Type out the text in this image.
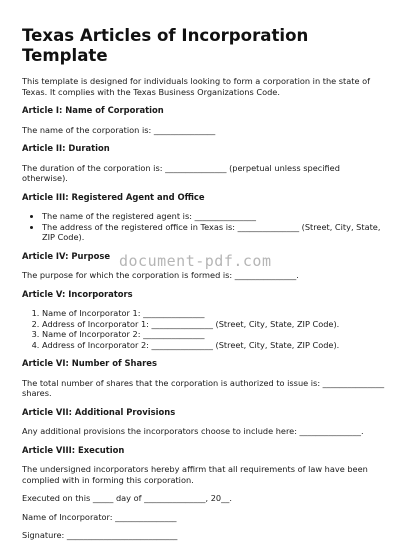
Texas Articles of Incorporation Template

This template is designed for individuals looking to form a corporation in the state of Texas. It complies with the Texas Business Organizations Code.

Article I: Name of Corporation

The name of the corporation is: _______________

Article II: Duration

The duration of the corporation is: _______________ (perpetual unless specified otherwise).

Article III: Registered Agent and Office
• The name of the registered agent is: _______________
• The address of the registered office in Texas is: _______________ (Street, City, State, ZIP Code).
Article IV: Purpose

The purpose for which the corporation is formed is: _______________.

Article V: Incorporators
1. Name of Incorporator 1: _______________
2. Address of Incorporator 1: _______________ (Street, City, State, ZIP Code).
3. Name of Incorporator 2: _______________
4. Address of Incorporator 2: _______________ (Street, City, State, ZIP Code).
Article VI: Number of Shares

The total number of shares that the corporation is authorized to issue is: _______________ shares.

Article VII: Additional Provisions

Any additional provisions the incorporators choose to include here: _______________.

Article VIII: Execution

The undersigned incorporators hereby affirm that all requirements of law have been complied with in forming this corporation.

Executed on this _____ day of _______________, 20__.

Name of Incorporator: _______________

Signature: ___________________________

document-pdf.com
